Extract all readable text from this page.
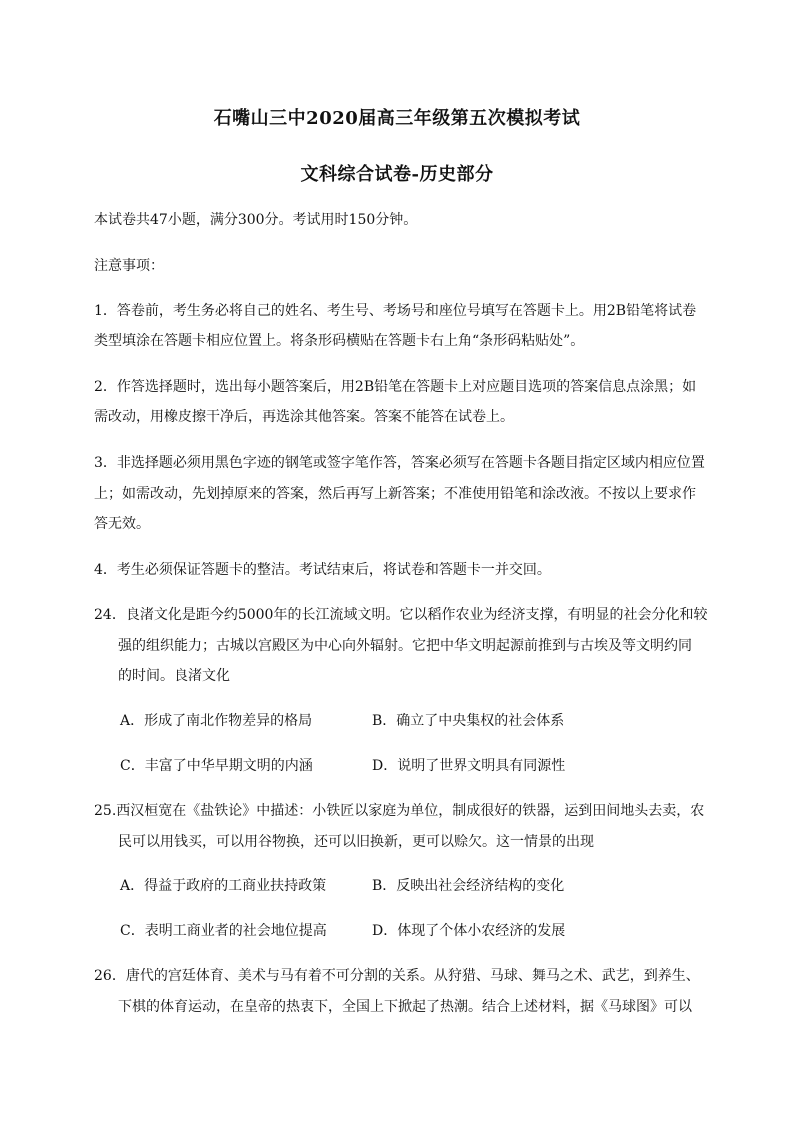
石嘴山三中2020届高三年级第五次模拟考试
文科综合试卷-历史部分
本试卷共47小题，满分300分。考试用时150分钟。
注意事项：
1．答卷前，考生务必将自己的姓名、考生号、考场号和座位号填写在答题卡上。用2B铅笔将试卷
类型填涂在答题卡相应位置上。将条形码横贴在答题卡右上角“条形码粘贴处”。
2．作答选择题时，选出每小题答案后，用2B铅笔在答题卡上对应题目选项的答案信息点涂黑；如
需改动，用橡皮擦干净后，再选涂其他答案。答案不能答在试卷上。
3．非选择题必须用黑色字迹的钢笔或签字笔作答，答案必须写在答题卡各题目指定区域内相应位置
上；如需改动，先划掉原来的答案，然后再写上新答案；不准使用铅笔和涂改液。不按以上要求作
答无效。
4．考生必须保证答题卡的整洁。考试结束后，将试卷和答题卡一并交回。
24．良渚文化是距今约5000年的长江流域文明。它以稻作农业为经济支撑，有明显的社会分化和较
强的组织能力；古城以宫殿区为中心向外辐射。它把中华文明起源前推到与古埃及等文明约同
的时间。良渚文化
A．形成了南北作物差异的格局	B．确立了中央集权的社会体系
C．丰富了中华早期文明的内涵	D．说明了世界文明具有同源性
25.西汉桓宽在《盐铁论》中描述：小铁匠以家庭为单位，制成很好的铁器，运到田间地头去卖，农
民可以用钱买，可以用谷物换，还可以旧换新，更可以赊欠。这一情景的出现
A．得益于政府的工商业扶持政策	B．反映出社会经济结构的变化
C．表明工商业者的社会地位提高	D．体现了个体小农经济的发展
26．唐代的宫廷体育、美术与马有着不可分割的关系。从狩猎、马球、舞马之术、武艺，到养生、
下棋的体育运动，在皇帝的热衷下，全国上下掀起了热潮。结合上述材料，据《马球图》可以
